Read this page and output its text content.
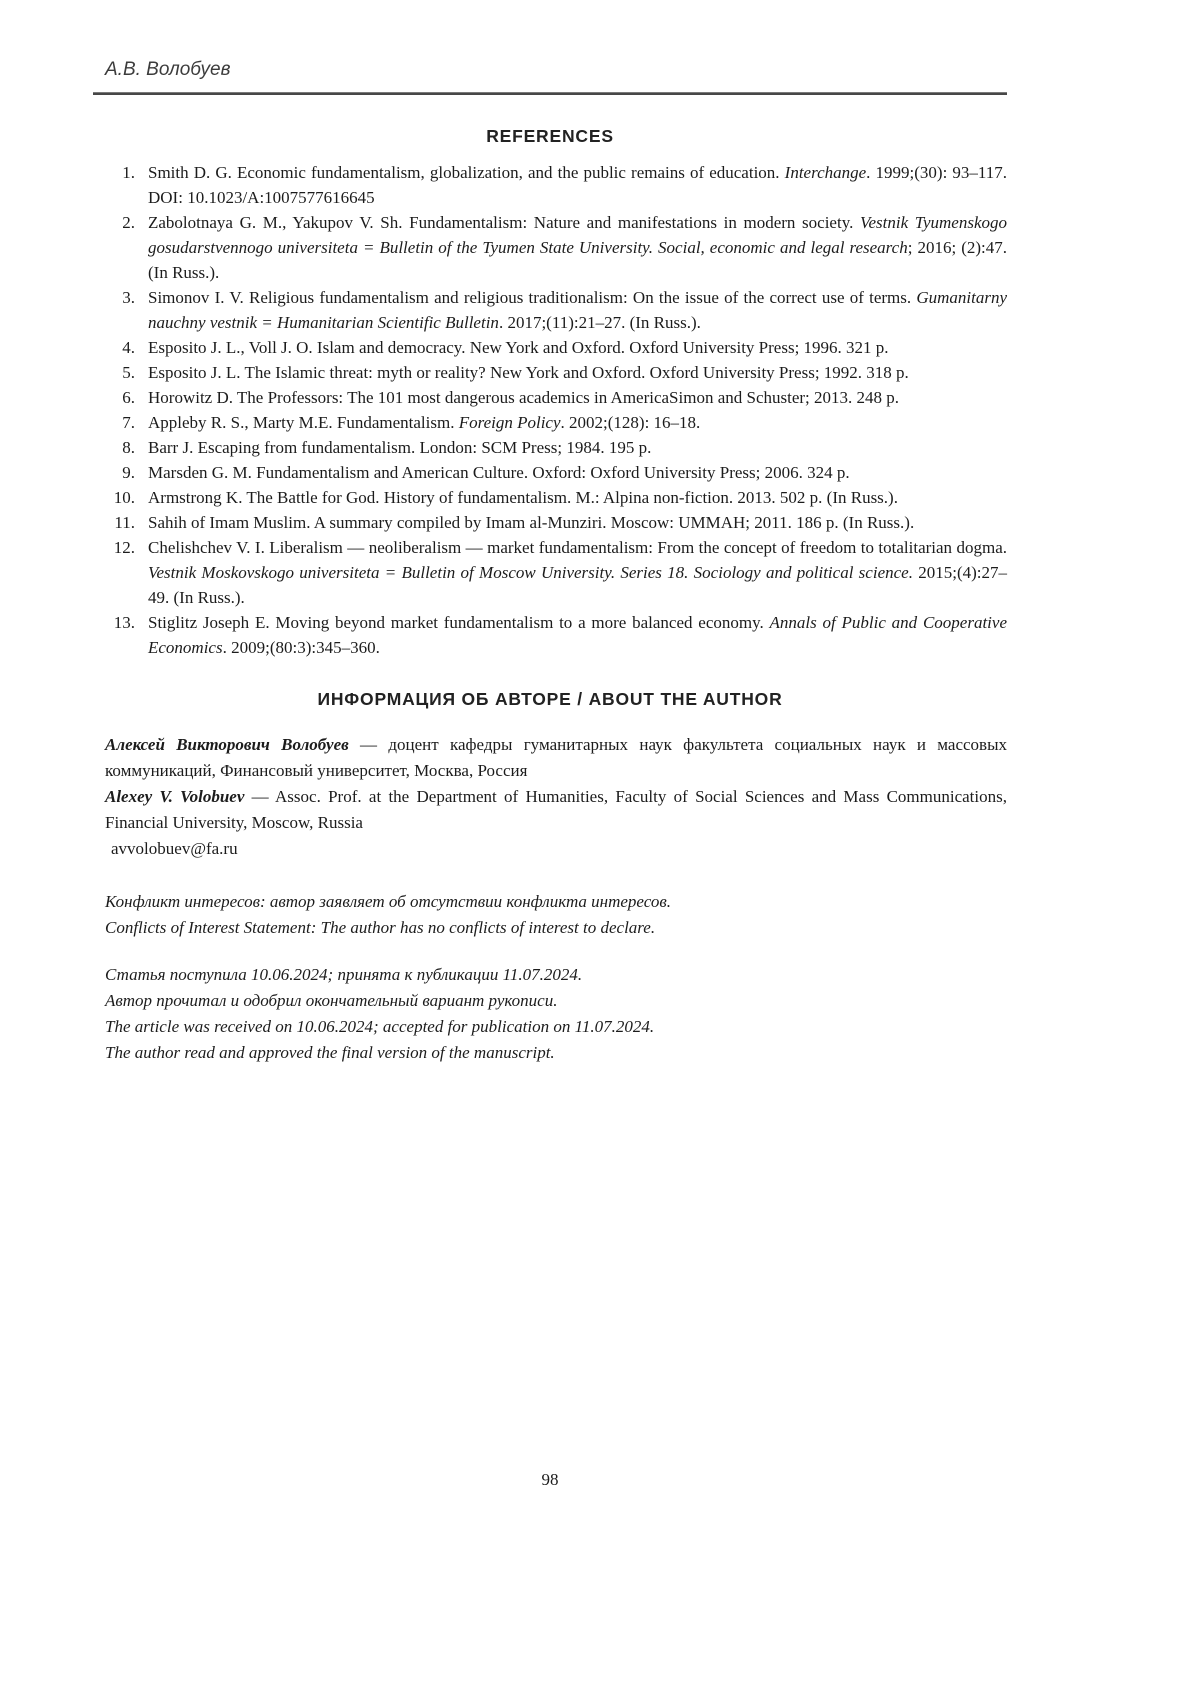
А.В. Волобуев
REFERENCES
1. Smith D. G. Economic fundamentalism, globalization, and the public remains of education. Interchange. 1999;(30): 93–117. DOI: 10.1023/A:1007577616645
2. Zabolotnaya G. M., Yakupov V. Sh. Fundamentalism: Nature and manifestations in modern society. Vestnik Tyumenskogo gosudarstvennogo universiteta = Bulletin of the Tyumen State University. Social, economic and legal research; 2016; (2):47. (In Russ.).
3. Simonov I. V. Religious fundamentalism and religious traditionalism: On the issue of the correct use of terms. Gumanitarny nauchny vestnik = Humanitarian Scientific Bulletin. 2017;(11):21–27. (In Russ.).
4. Esposito J. L., Voll J. O. Islam and democracy. New York and Oxford. Oxford University Press; 1996. 321 p.
5. Esposito J. L. The Islamic threat: myth or reality? New York and Oxford. Oxford University Press; 1992. 318 p.
6. Horowitz D. The Professors: The 101 most dangerous academics in AmericaSimon and Schuster; 2013. 248 p.
7. Appleby R. S., Marty M.E. Fundamentalism. Foreign Policy. 2002;(128): 16–18.
8. Barr J. Escaping from fundamentalism. London: SCM Press; 1984. 195 p.
9. Marsden G. M. Fundamentalism and American Culture. Oxford: Oxford University Press; 2006. 324 p.
10. Armstrong K. The Battle for God. History of fundamentalism. M.: Alpina non-fiction. 2013. 502 p. (In Russ.).
11. Sahih of Imam Muslim. A summary compiled by Imam al-Munziri. Moscow: UMMAH; 2011. 186 p. (In Russ.).
12. Chelishchev V. I. Liberalism — neoliberalism — market fundamentalism: From the concept of freedom to totalitarian dogma. Vestnik Moskovskogo universiteta = Bulletin of Moscow University. Series 18. Sociology and political science. 2015;(4):27–49. (In Russ.).
13. Stiglitz Joseph E. Moving beyond market fundamentalism to a more balanced economy. Annals of Public and Cooperative Economics. 2009;(80:3):345–360.
ИНФОРМАЦИЯ ОБ АВТОРЕ / ABOUT THE AUTHOR

Алексей Викторович Волобуев — доцент кафедры гуманитарных наук факультета социальных наук и массовых коммуникаций, Финансовый университет, Москва, Россия

Alexey V. Volobuev — Assoc. Prof. at the Department of Humanities, Faculty of Social Sciences and Mass Communications, Financial University, Moscow, Russia

avvolobuev@fa.ru

Конфликт интересов: автор заявляет об отсутствии конфликта интересов.

Conflicts of Interest Statement: The author has no conflicts of interest to declare.

Статья поступила 10.06.2024; принята к публикации 11.07.2024.

Автор прочитал и одобрил окончательный вариант рукописи.

The article was received on 10.06.2024; accepted for publication on 11.07.2024.

The author read and approved the final version of the manuscript.

98
